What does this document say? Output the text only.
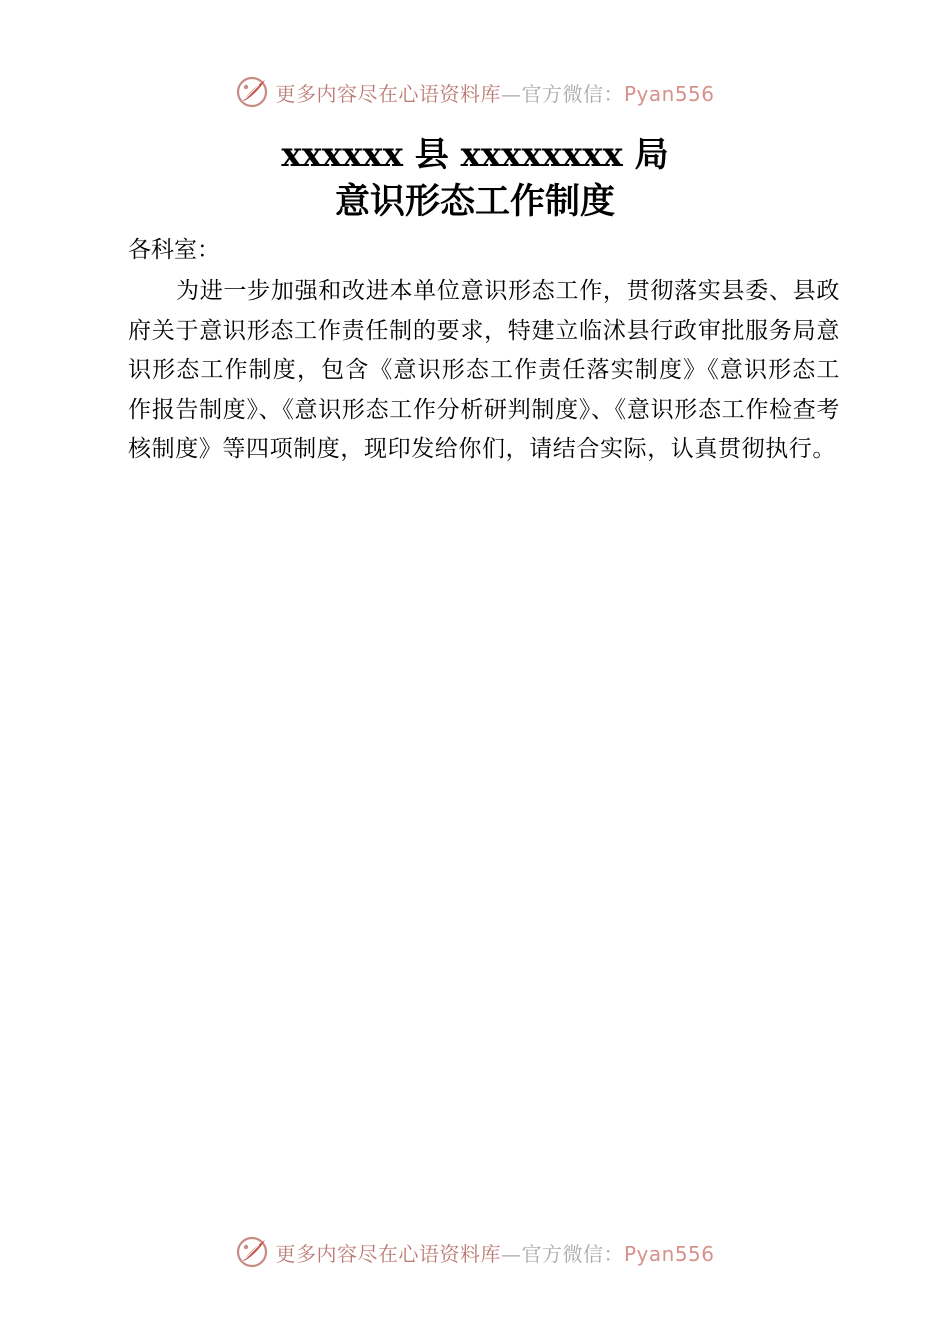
更多内容尽在心语资料库—官方微信：Pyan556

xxxxxx 县 xxxxxxxx 局

意识形态工作制度

各科室：

为进一步加强和改进本单位意识形态工作，贯彻落实县委、县政府关于意识形态工作责任制的要求，特建立临沭县行政审批服务局意识形态工作制度，包含《意识形态工作责任落实制度》《意识形态工作报告制度》、《意识形态工作分析研判制度》、《意识形态工作检查考核制度》等四项制度，现印发给你们，请结合实际，认真贯彻执行。

更多内容尽在心语资料库—官方微信：Pyan556
